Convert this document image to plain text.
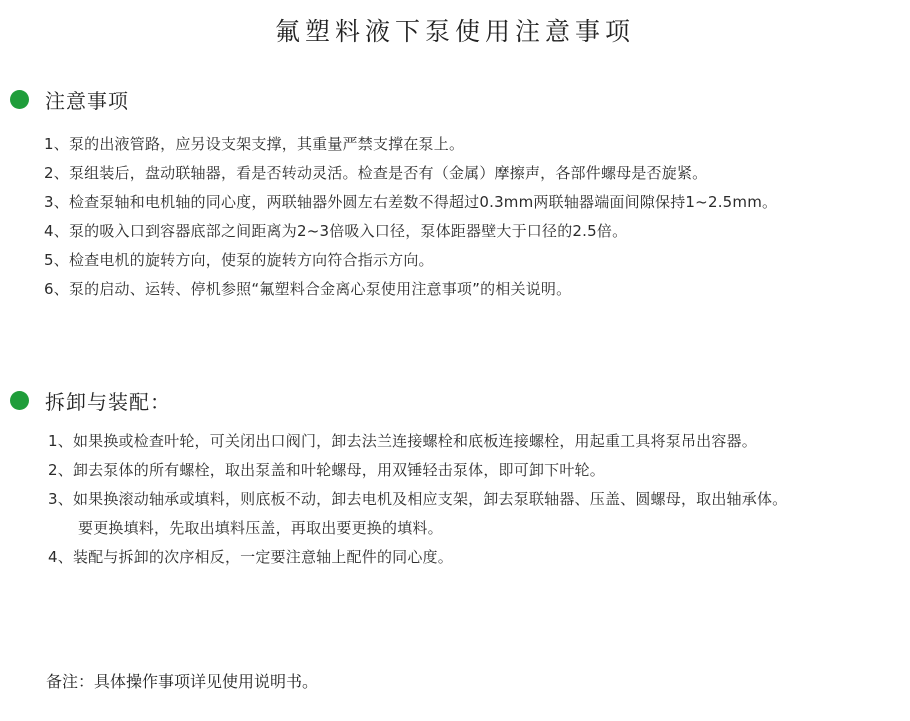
氟塑料液下泵使用注意事项
注意事项
1、泵的出液管路，应另设支架支撑，其重量严禁支撑在泵上。
2、泵组装后，盘动联轴器，看是否转动灵活。检查是否有（金属）摩擦声，各部件螺母是否旋紧。
3、检查泵轴和电机轴的同心度，两联轴器外圆左右差数不得超过0.3mm两联轴器端面间隙保持1~2.5mm。
4、泵的吸入口到容器底部之间距离为2~3倍吸入口径，泵体距器壁大于口径的2.5倍。
5、检查电机的旋转方向，使泵的旋转方向符合指示方向。
6、泵的启动、运转、停机参照“氟塑料合金离心泵使用注意事项”的相关说明。
拆卸与装配：
1、如果换或检查叶轮，可关闭出口阀门，卸去法兰连接螺栓和底板连接螺栓，用起重工具将泵吊出容器。
2、卸去泵体的所有螺栓，取出泵盖和叶轮螺母，用双锤轻击泵体，即可卸下叶轮。
3、如果换滚动轴承或填料，则底板不动，卸去电机及相应支架，卸去泵联轴器、压盖、圆螺母，取出轴承体。
要更换填料，先取出填料压盖，再取出要更换的填料。
4、装配与拆卸的次序相反，一定要注意轴上配件的同心度。
备注：具体操作事项详见使用说明书。
